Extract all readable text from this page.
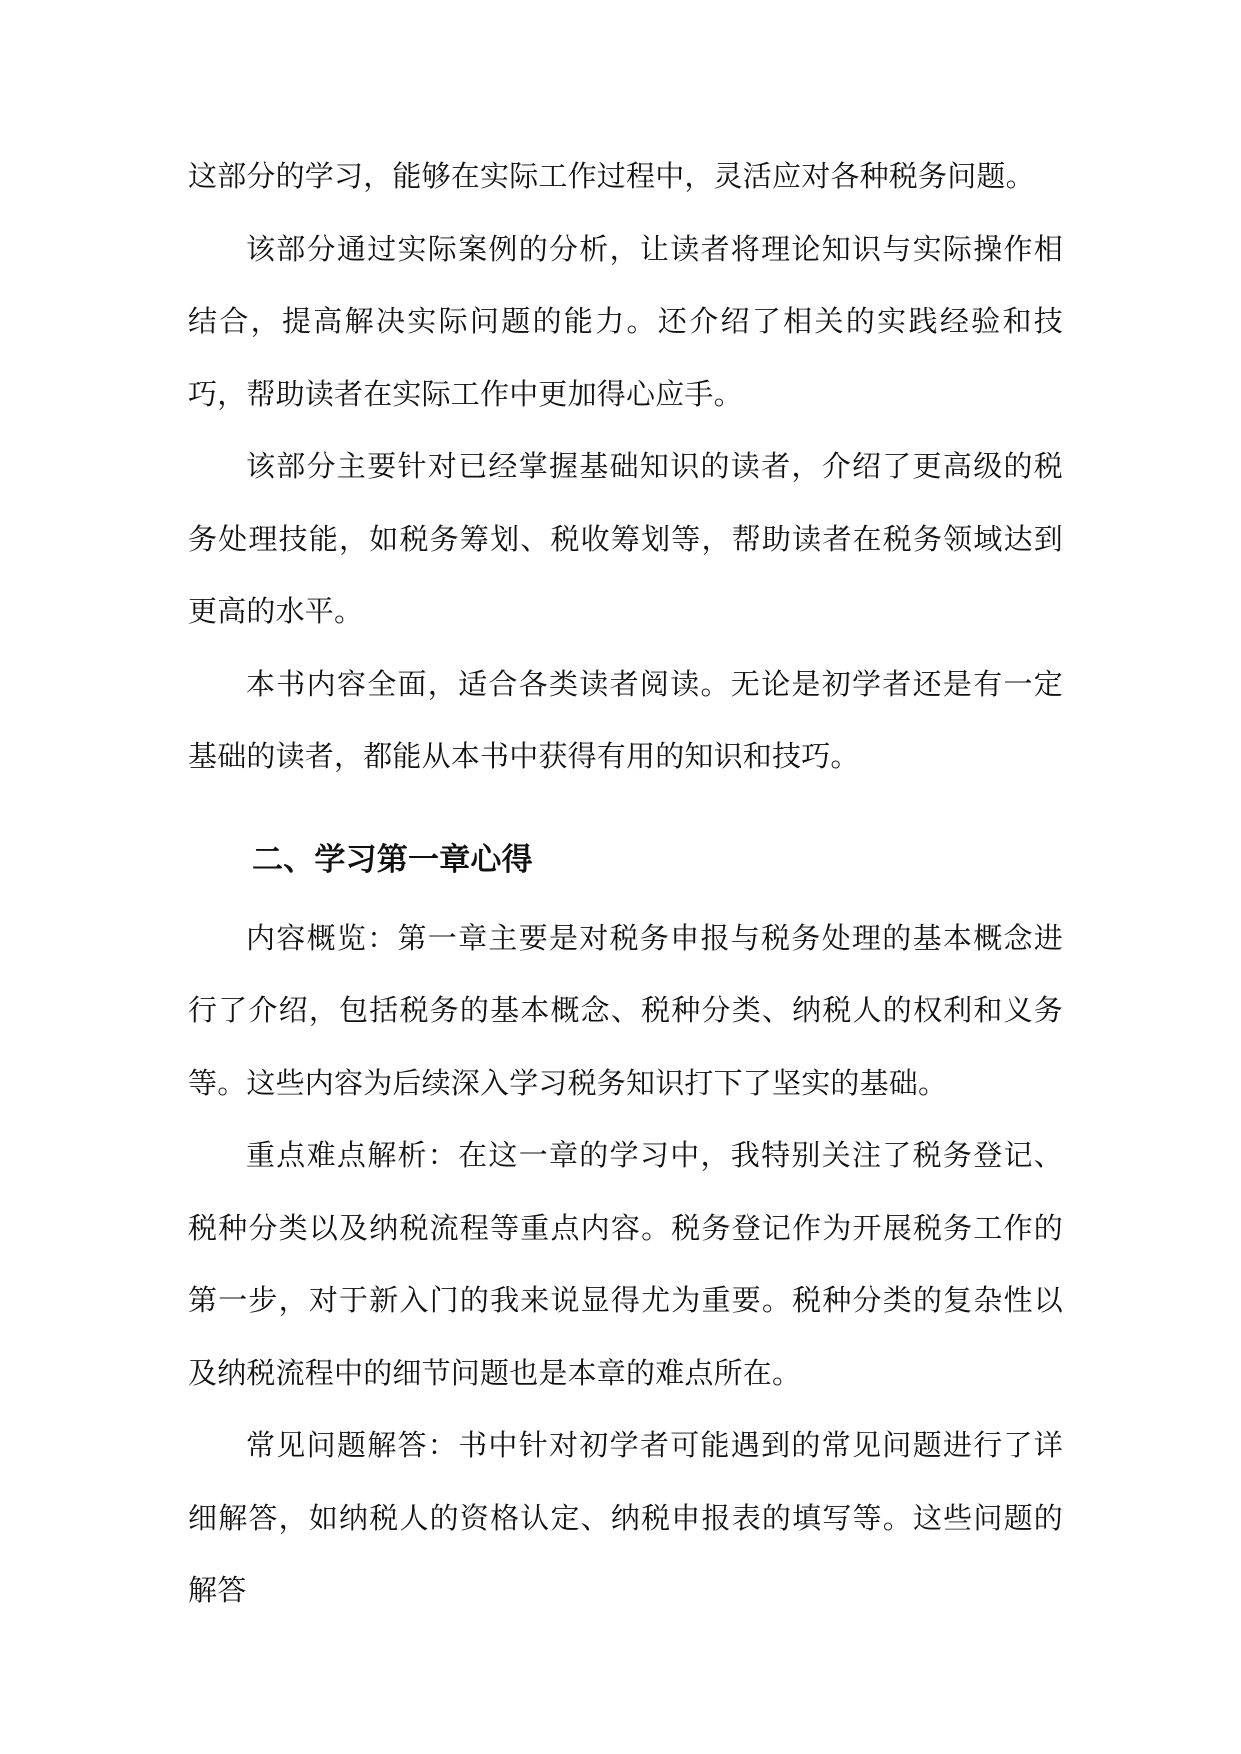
这部分的学习，能够在实际工作过程中，灵活应对各种税务问题。

该部分通过实际案例的分析，让读者将理论知识与实际操作相结合，提高解决实际问题的能力。还介绍了相关的实践经验和技巧，帮助读者在实际工作中更加得心应手。

该部分主要针对已经掌握基础知识的读者，介绍了更高级的税务处理技能，如税务筹划、税收筹划等，帮助读者在税务领域达到更高的水平。

本书内容全面，适合各类读者阅读。无论是初学者还是有一定基础的读者，都能从本书中获得有用的知识和技巧。

二、学习第一章心得

内容概览：第一章主要是对税务申报与税务处理的基本概念进行了介绍，包括税务的基本概念、税种分类、纳税人的权利和义务等。这些内容为后续深入学习税务知识打下了坚实的基础。

重点难点解析：在这一章的学习中，我特别关注了税务登记、税种分类以及纳税流程等重点内容。税务登记作为开展税务工作的第一步，对于新入门的我来说显得尤为重要。税种分类的复杂性以及纳税流程中的细节问题也是本章的难点所在。

常见问题解答：书中针对初学者可能遇到的常见问题进行了详细解答，如纳税人的资格认定、纳税申报表的填写等。这些问题的解答
